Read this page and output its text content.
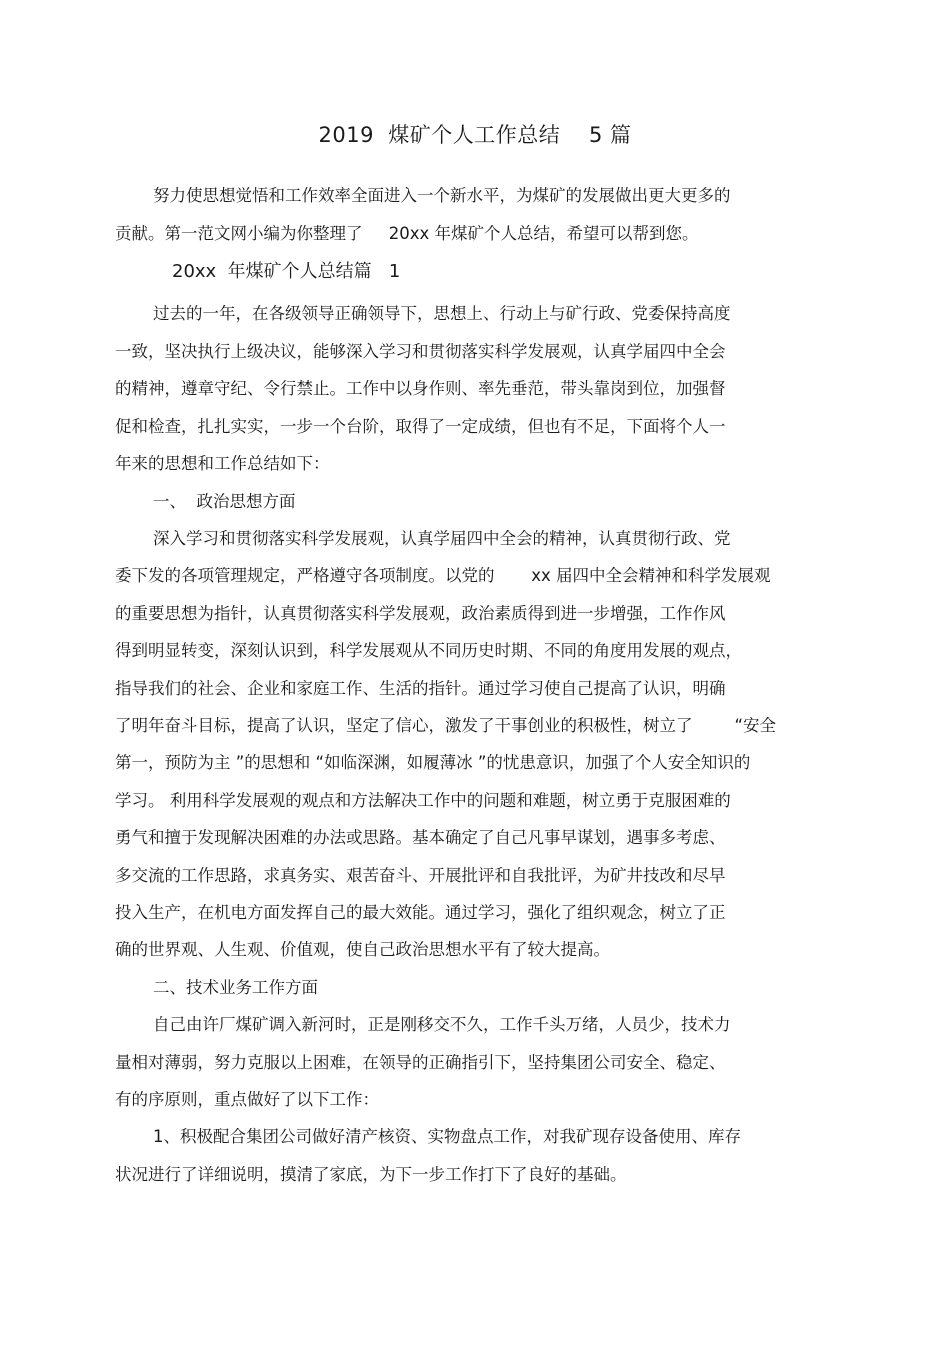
2019  煤矿个人工作总结    5 篇
努力使思想觉悟和工作效率全面进入一个新水平，为煤矿的发展做出更大更多的
贡献。第一范文网小编为你整理了     20xx 年煤矿个人总结，希望可以帮到您。
20xx  年煤矿个人总结篇   1
过去的一年，在各级领导正确领导下，思想上、行动上与矿行政、党委保持高度
一致，坚决执行上级决议，能够深入学习和贯彻落实科学发展观，认真学届四中全会
的精神，遵章守纪、令行禁止。工作中以身作则、率先垂范，带头靠岗到位，加强督
促和检查，扎扎实实，一步一个台阶，取得了一定成绩，但也有不足，下面将个人一
年来的思想和工作总结如下：
一、  政治思想方面
深入学习和贯彻落实科学发展观，认真学届四中全会的精神，认真贯彻行政、党
委下发的各项管理规定，严格遵守各项制度。以党的       xx 届四中全会精神和科学发展观
的重要思想为指针，认真贯彻落实科学发展观，政治素质得到进一步增强，工作作风
得到明显转变，深刻认识到，科学发展观从不同历史时期、不同的角度用发展的观点，
指导我们的社会、企业和家庭工作、生活的指针。通过学习使自己提高了认识，明确
了明年奋斗目标，提高了认识，坚定了信心，激发了干事创业的积极性，树立了        “安全
第一，预防为主 ”的思想和 “如临深渊，如履薄冰 ”的忧患意识，加强了个人安全知识的
学习。 利用科学发展观的观点和方法解决工作中的问题和难题，树立勇于克服困难的
勇气和擅于发现解决困难的办法或思路。基本确定了自己凡事早谋划，遇事多考虑、
多交流的工作思路，求真务实、艰苦奋斗、开展批评和自我批评，为矿井技改和尽早
投入生产，在机电方面发挥自己的最大效能。通过学习，强化了组织观念，树立了正
确的世界观、人生观、价值观，使自己政治思想水平有了较大提高。
二、技术业务工作方面
自己由许厂煤矿调入新河时，正是刚移交不久，工作千头万绪，人员少，技术力
量相对薄弱，努力克服以上困难，在领导的正确指引下，坚持集团公司安全、稳定、
有的序原则，重点做好了以下工作：
1、积极配合集团公司做好清产核资、实物盘点工作，对我矿现存设备使用、库存
状况进行了详细说明，摸清了家底，为下一步工作打下了良好的基础。
